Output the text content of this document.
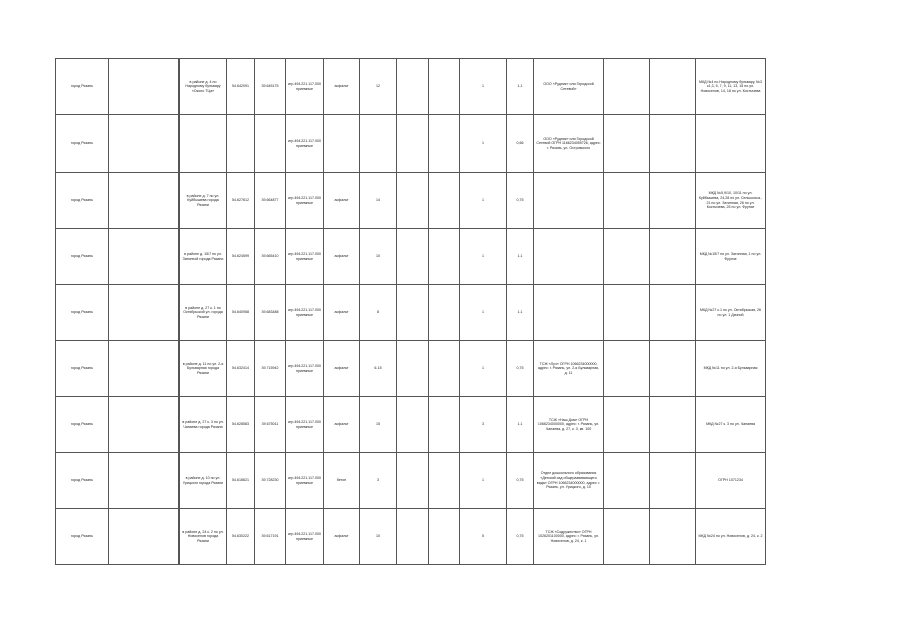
город Рязань			в районе д. 4 по Народному бульвару «Около ТЦа»	54.642091	39.645175	игр.494.221.117.000 приемные	асфальт	12			1	1,1	ООО «Рудник» или Городской Сетевой»			МКД №4 по Народному бульвару, №3 к1,3, 5, 7, 9, 11, 13, 15 по ул. Новоселов, 14, 18 по ул. Костычева
город Рязань						игр.494.221.117.000 приемные					1	0,66	ООО «Рудник» или Городской Сетевой ОГРН 1166234059726, адрес: г. Рязань, ул. Островского			
город Рязань			в районе д. 7 по ул. Куйбышева города Рязани	54.627612	39.664877	игр.494.221.117.000 приемные	асфальт	14			1	0,75				МКД №5,9/10, 10/11 по ул. Куйбышева, 24,28 по ул. Сельскохоз., 21 по ул. Затинная, 26 по ул. Костычева, 25 по ул. Фрунзе
город Рязань			в районе д. 15/7 по ул. Затинной города Рязани	54.624599	39.665410	игр.494.221.117.000 приемные	асфальт	10			1	1,1				МКД №15/7 по ул. Затинная, 1 по ул. Фрунзе
город Рязань			в районе д. 27 к. 1 по Октябрьской ул. города Рязани	54.640958	39.683488	игр.494.221.117.000 приемные	асфальт	8			1	1,1				МКД №27 к.1 по ул. Октябрьская, 26 по ул. 1 Дачной
город Рязань			в районе д. 11 по ул. 2-я Бульварная города Рязани	54.632414	39.715942	игр.494.221.117.000 приемные	асфальт	6-15			1	0,75	ТСЖ «Луч» ОГРН 1066234000000, адрес: г. Рязань, ул. 2-я Бульварная, д. 11			МКД №11 по ул. 2-я Бульварная
город Рязань			в районе д. 27 к. 3 по ул. Чапаева города Рязани	54.628583	39.675011	игр.494.221.117.000 приемные	асфальт	15			3	1,1	ТСЖ «Наш Дом» ОГРН 1066234000000, адрес: г. Рязань, ул. Чапаева, д. 27, к. 3, кв. 100			МКД №27 к. 3 по ул. Чапаева
город Рязань			в районе д. 10 по ул. Урицкого города Рязани	54.618621	39.728230	игр.494.221.117.000 приемные	бетон	3			1	0,75	Отдел дошкольного образования «Детский сад общеразвивающего вида» ОГРН 1066234000000, адрес: г. Рязань, ул. Урицкого, д. 10			ОГРН 1071234
город Рязань			в районе д. 24 к. 2 по ул. Новоселов города Рязани	54.630222	39.617191	игр.494.221.117.000 приемные	асфальт	10			5	0,75	ТСЖ «Содружество» ОГРН 1026201100000, адрес: г. Рязань, ул. Новоселов, д. 24, к. 1			МКД №24 по ул. Новоселов, д. 24, к. 2
